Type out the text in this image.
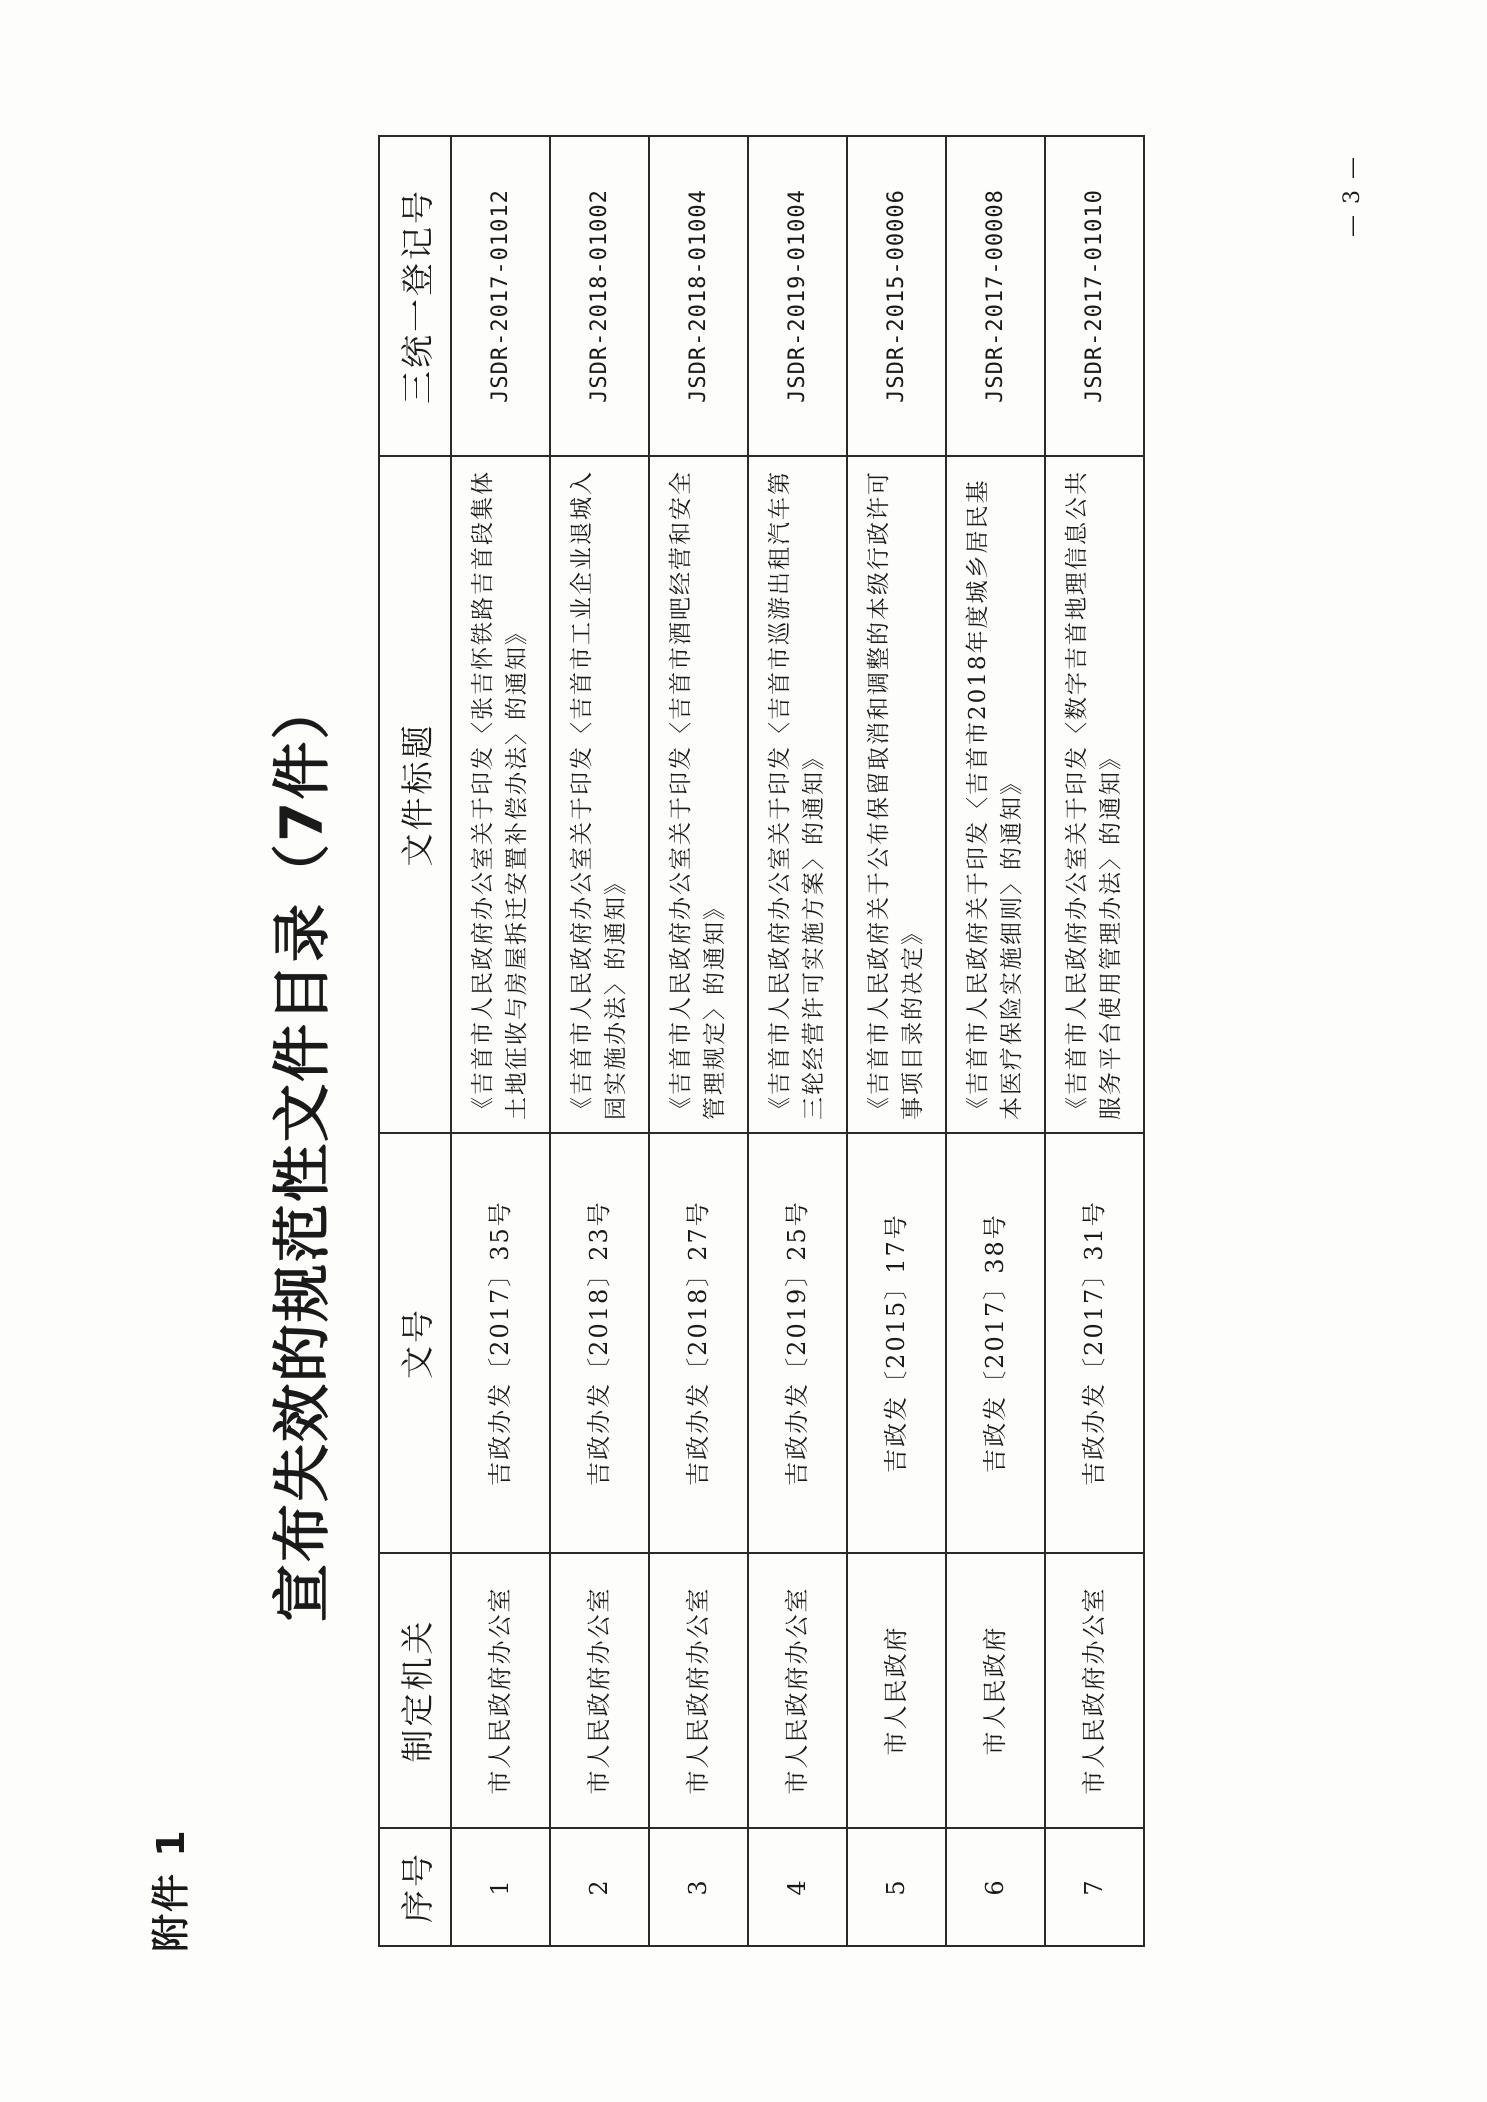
附件 1
宣布失效的规范性文件目录（7件）
序号	制定机关	文号	文件标题	三统一登记号
1	市人民政府办公室	吉政办发〔2017〕35号	《吉首市人民政府办公室关于印发〈张吉怀铁路吉首段集体土地征收与房屋拆迁安置补偿办法〉的通知》	JSDR-2017-01012
2	市人民政府办公室	吉政办发〔2018〕23号	《吉首市人民政府办公室关于印发〈吉首市工业企业退城入园实施办法〉的通知》	JSDR-2018-01002
3	市人民政府办公室	吉政办发〔2018〕27号	《吉首市人民政府办公室关于印发〈吉首市酒吧经营和安全管理规定〉的通知》	JSDR-2018-01004
4	市人民政府办公室	吉政办发〔2019〕25号	《吉首市人民政府办公室关于印发〈吉首市巡游出租汽车第三轮经营许可实施方案〉的通知》	JSDR-2019-01004
5	市人民政府	吉政发〔2015〕17号	《吉首市人民政府关于公布保留取消和调整的本级行政许可事项目录的决定》	JSDR-2015-00006
6	市人民政府	吉政发〔2017〕38号	《吉首市人民政府关于印发〈吉首市2018年度城乡居民基本医疗保险实施细则〉的通知》	JSDR-2017-00008
7	市人民政府办公室	吉政办发〔2017〕31号	《吉首市人民政府办公室关于印发〈数字吉首地理信息公共服务平台使用管理办法〉的通知》	JSDR-2017-01010	— 3 —
